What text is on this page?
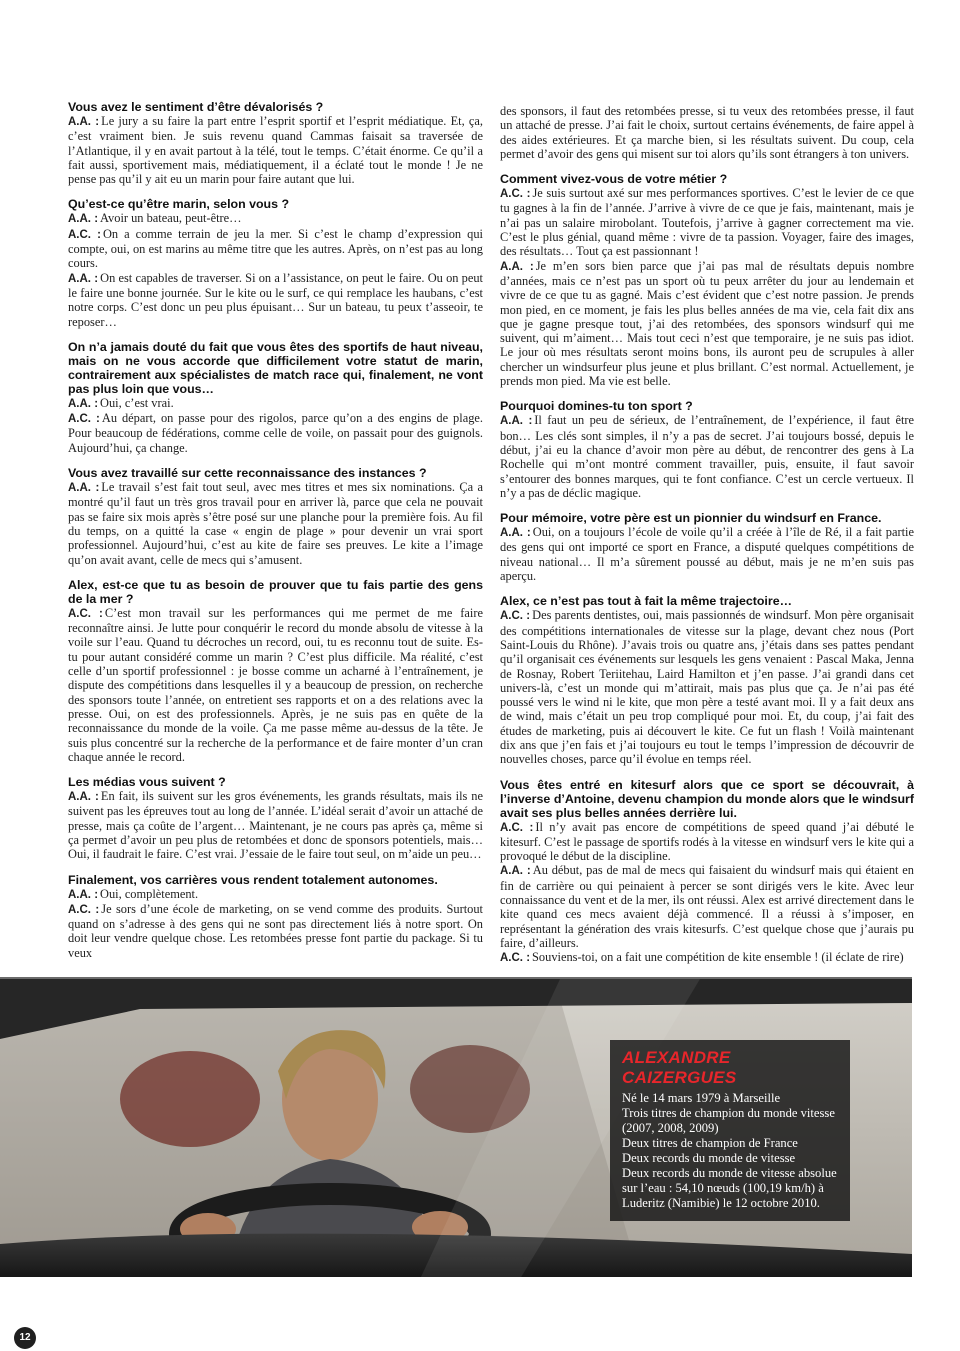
Vous avez le sentiment d’être dévalorisés ?

A.A. : Le jury a su faire la part entre l’esprit sportif et l’esprit médiatique. Et, ça, c’est vraiment bien. Je suis revenu quand Cammas faisait sa traversée de l’Atlantique, il y en avait partout à la télé, tout le temps. C’était énorme. Ce qu’il a fait aussi, sportivement mais, médiatiquement, il a éclaté tout le monde ! Je ne pense pas qu’il y ait eu un marin pour faire autant que lui.

Qu’est-ce qu’être marin, selon vous ?

A.A. : Avoir un bateau, peut-être…

A.C. : On a comme terrain de jeu la mer. Si c’est le champ d’expression qui compte, oui, on est marins au même titre que les autres. Après, on n’est pas au long cours.

A.A. : On est capables de traverser. Si on a l’assistance, on peut le faire. Ou on peut le faire une bonne journée. Sur le kite ou le surf, ce qui remplace les haubans, c’est notre corps. C’est donc un peu plus épuisant… Sur un bateau, tu peux t’asseoir, te reposer…

On n’a jamais douté du fait que vous êtes des sportifs de haut niveau, mais on ne vous accorde que difficilement votre statut de marin, contrairement aux spécialistes de match race qui, finalement, ne vont pas plus loin que vous…

A.A. : Oui, c’est vrai.

A.C. : Au départ, on passe pour des rigolos, parce qu’on a des engins de plage. Pour beaucoup de fédérations, comme celle de voile, on passait pour des guignols. Aujourd’hui, ça change.

Vous avez travaillé sur cette reconnaissance des instances ?

A.A. : Le travail s’est fait tout seul, avec mes titres et mes six nominations. Ça a montré qu’il faut un très gros travail pour en arriver là, parce que cela ne pouvait pas se faire six mois après s’être posé sur une planche pour la première fois. Au fil du temps, on a quitté la case « engin de plage » pour devenir un vrai sport professionnel. Aujourd’hui, c’est au kite de faire ses preuves. Le kite a l’image qu’on avait avant, celle de mecs qui s’amusent.

Alex, est-ce que tu as besoin de prouver que tu fais partie des gens de la mer ?

A.C. : C’est mon travail sur les performances qui me permet de me faire reconnaître ainsi. Je lutte pour conquérir le record du monde absolu de vitesse à la voile sur l’eau. Quand tu décroches un record, oui, tu es reconnu tout de suite. Es-tu pour autant considéré comme un marin ? C’est plus difficile. Ma réalité, c’est celle d’un sportif professionnel : je bosse comme un acharné à l’entraînement, je dispute des compétitions dans lesquelles il y a beaucoup de pression, on recherche des sponsors toute l’année, on entretient ses rapports et on a des relations avec la presse. Oui, on est des professionnels. Après, je ne suis pas en quête de la reconnaissance du monde de la voile. Ça me passe même au-dessus de la tête. Je suis plus concentré sur la recherche de la performance et de faire monter d’un cran chaque année le record.

Les médias vous suivent ?

A.A. : En fait, ils suivent sur les gros événements, les grands résultats, mais ils ne suivent pas les épreuves tout au long de l’année. L’idéal serait d’avoir un attaché de presse, mais ça coûte de l’argent… Maintenant, je ne cours pas après ça, même si ça permet d’avoir un peu plus de retombées et donc de sponsors potentiels, mais… Oui, il faudrait le faire. C’est vrai. J’essaie de le faire tout seul, on m’aide un peu…

Finalement, vos carrières vous rendent totalement autonomes.

A.A. : Oui, complètement.

A.C. : Je sors d’une école de marketing, on se vend comme des produits. Surtout quand on s’adresse à des gens qui ne sont pas directement liés à notre sport. On doit leur vendre quelque chose. Les retombées presse font partie du package. Si tu veux

des sponsors, il faut des retombées presse, si tu veux des retombées presse, il faut un attaché de presse. J’ai fait le choix, surtout certains événements, de faire appel à des aides extérieures. Et ça marche bien, si les résultats suivent. Du coup, cela permet d’avoir des gens qui misent sur toi alors qu’ils sont étrangers à ton univers.

Comment vivez-vous de votre métier ?

A.C. : Je suis surtout axé sur mes performances sportives. C’est le levier de ce que tu gagnes à la fin de l’année. J’arrive à vivre de ce que je fais, maintenant, mais je n’ai pas un salaire mirobolant. Toutefois, j’arrive à gagner correctement ma vie. C’est le plus génial, quand même : vivre de ta passion. Voyager, faire des images, des résultats… Tout ça est passionnant !

A.A. : Je m’en sors bien parce que j’ai pas mal de résultats depuis nombre d’années, mais ce n’est pas un sport où tu peux arrêter du jour au lendemain et vivre de ce que tu as gagné. Mais c’est évident que c’est notre passion. Je prends mon pied, en ce moment, je fais les plus belles années de ma vie, cela fait dix ans que je gagne presque tout, j’ai des retombées, des sponsors windsurf qui me suivent, qui m’aiment… Mais tout ceci n’est que temporaire, je ne suis pas idiot. Le jour où mes résultats seront moins bons, ils auront peu de scrupules à aller chercher un windsurfeur plus jeune et plus brillant. C’est normal. Actuellement, je prends mon pied. Ma vie est belle.

Pourquoi domines-tu ton sport ?

A.A. : Il faut un peu de sérieux, de l’entraînement, de l’expérience, il faut être bon… Les clés sont simples, il n’y a pas de secret. J’ai toujours bossé, depuis le début, j’ai eu la chance d’avoir mon père au début, de rencontrer des gens à La Rochelle qui m’ont montré comment travailler, puis, ensuite, il faut savoir s’entourer des bonnes marques, qui te font confiance. C’est un cercle vertueux. Il n’y a pas de déclic magique.

Pour mémoire, votre père est un pionnier du windsurf en France.

A.A. : Oui, on a toujours l’école de voile qu’il a créée à l’île de Ré, il a fait partie des gens qui ont importé ce sport en France, a disputé quelques compétitions de niveau national… Il m’a sûrement poussé au début, mais je ne m’en suis pas aperçu.

Alex, ce n’est pas tout à fait la même trajectoire…

A.C. : Des parents dentistes, oui, mais passionnés de windsurf. Mon père organisait des compétitions internationales de vitesse sur la plage, devant chez nous (Port Saint-Louis du Rhône). J’avais trois ou quatre ans, j’étais dans ses pattes pendant qu’il organisait ces événements sur lesquels les gens venaient : Pascal Maka, Jenna de Rosnay, Robert Teriitehau, Laird Hamilton et j’en passe. J’ai grandi dans cet univers-là, c’est un monde qui m’attirait, mais pas plus que ça. Je n’ai pas été poussé vers le wind ni le kite, que mon père a testé avant moi. Il y a fait deux ans de wind, mais c’était un peu trop compliqué pour moi. Et, du coup, j’ai fait des études de marketing, puis ai découvert le kite. Ce fut un flash ! Voilà maintenant dix ans que j’en fais et j’ai toujours eu tout le temps l’impression de découvrir de nouvelles choses, parce qu’il évolue en temps réel.

Vous êtes entré en kitesurf alors que ce sport se découvrait, à l’inverse d’Antoine, devenu champion du monde alors que le windsurf avait ses plus belles années derrière lui.

A.C. : Il n’y avait pas encore de compétitions de speed quand j’ai débuté le kitesurf. C’est le passage de sportifs rodés à la vitesse en windsurf vers le kite qui a provoqué le début de la discipline.

A.A. : Au début, pas de mal de mecs qui faisaient du windsurf mais qui étaient en fin de carrière ou qui peinaient à percer se sont dirigés vers le kite. Avec leur connaissance du vent et de la mer, ils ont réussi. Alex est arrivé directement dans le kite quand ces mecs avaient déjà commencé. Il a réussi à s’imposer, en représentant la génération des vrais kitesurfs. C’est quelque chose que j’aurais pu faire, d’ailleurs.

A.C. : Souviens-toi, on a fait une compétition de kite ensemble ! (il éclate de rire)

ALEXANDRE CAIZERGUES
Né le 14 mars 1979 à Marseille
Trois titres de champion du monde vitesse (2007, 2008, 2009)
Deux titres de champion de France
Deux records du monde de vitesse
Deux records du monde de vitesse absolue sur l’eau : 54,10 nœuds (100,19 km/h) à Luderitz (Namibie) le 12 octobre 2010.
12
